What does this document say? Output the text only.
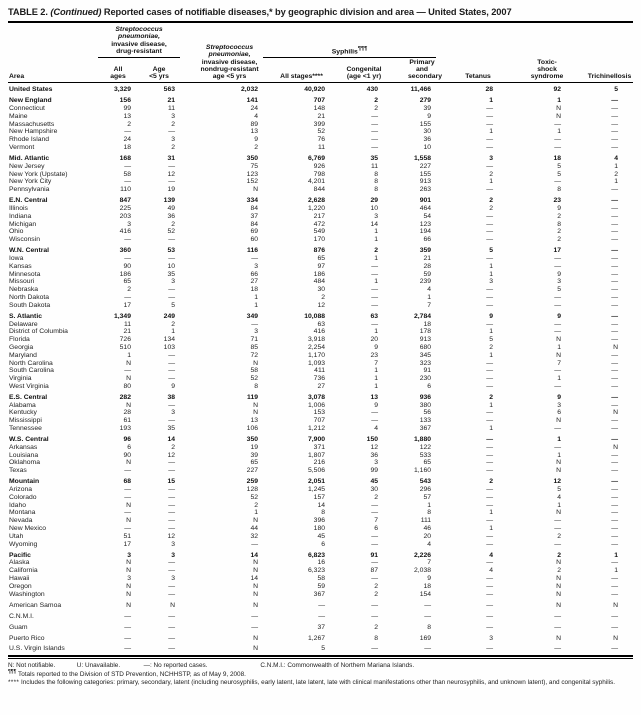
TABLE 2. (Continued) Reported cases of notifiable diseases,* by geographic division and area — United States, 2007
Area	
Streptococcus
pneumoniae,
invasive disease,
drug-resistant

Streptococcus
pneumoniae,
invasive disease,
nondrug-resistant
age <5 yrs
	Syphilis¶¶¶	Tetanus	
Toxic-shock
syndrome	Trichinellosis

All
ages

Age
<5 yrs	All stages****	
Congenital
(age <1 yr)

Primary and
secondary

United States	3,329	563	2,032	40,920	430	11,466	28	92	5
New England	156	21	141	707	2	279	1	1	—
Connecticut	99	11	24	148	2	39	—	N	—
Maine	13	3	4	21	—	9	—	N	—
Massachusetts	2	2	89	399	—	155	—	—	—
New Hampshire	—	—	13	52	—	30	1	1	—
Rhode Island	24	3	9	76	—	36	—	—	—
Vermont	18	2	2	11	—	10	—	—	—
Mid. Atlantic	168	31	350	6,769	35	1,558	3	18	4
New Jersey	—	—	75	926	11	227	—	5	1
New York (Upstate)	58	12	123	798	8	155	2	5	2
New York City	—	—	152	4,201	8	913	1	—	1
Pennsylvania	110	19	N	844	8	263	—	8	—
E.N. Central	847	139	334	2,628	29	901	2	23	—
Illinois	225	49	84	1,220	10	464	2	9	—
Indiana	203	36	37	217	3	54	—	2	—
Michigan	3	2	84	472	14	123	—	8	—
Ohio	416	52	69	549	1	194	—	2	—
Wisconsin	—	—	60	170	1	66	—	2	—
W.N. Central	360	53	116	876	2	359	5	17	—
Iowa	—	—	—	65	1	21	—	—	—
Kansas	90	10	3	97	—	28	1	—	—
Minnesota	186	35	66	186	—	59	1	9	—
Missouri	65	3	27	484	1	239	3	3	—
Nebraska	2	—	18	30	—	4	—	5	—
North Dakota	—	—	1	2	—	1	—	—	—
South Dakota	17	5	1	12	—	7	—	—	—
S. Atlantic	1,349	249	349	10,088	63	2,784	9	9	—
Delaware	11	2	—	63	—	18	—	—	—
District of Columbia	21	1	3	416	1	178	1	—	—
Florida	726	134	71	3,918	20	913	5	N	—
Georgia	510	103	85	2,254	9	680	2	1	N
Maryland	1	—	72	1,170	23	345	1	N	—
North Carolina	N	—	N	1,093	7	323	—	7	—
South Carolina	—	—	58	411	1	91	—	—	—
Virginia	N	—	52	736	1	230	—	1	—
West Virginia	80	9	8	27	1	6	—	—	—
E.S. Central	282	38	119	3,078	13	936	2	9	—
Alabama	N	—	N	1,006	9	380	1	3	—
Kentucky	28	3	N	153	—	56	—	6	N
Mississippi	61	—	13	707	—	133	—	N	—
Tennessee	193	35	106	1,212	4	367	1	—	—
W.S. Central	96	14	350	7,900	150	1,880	—	1	—
Arkansas	6	2	19	371	12	122	—	—	N
Louisiana	90	12	39	1,807	36	533	—	1	—
Oklahoma	N	—	65	216	3	65	—	N	—
Texas	—	—	227	5,506	99	1,160	—	N	—
Mountain	68	15	259	2,051	45	543	2	12	—
Arizona	—	—	128	1,245	30	296	—	5	—
Colorado	—	—	52	157	2	57	—	4	—
Idaho	N	—	2	14	—	1	—	1	—
Montana	—	—	1	8	—	8	1	N	—
Nevada	N	—	N	396	7	111	—	—	—
New Mexico	—	—	44	180	6	46	1	—	—
Utah	51	12	32	45	—	20	—	2	—
Wyoming	17	3	—	6	—	4	—	—	—
Pacific	3	3	14	6,823	91	2,226	4	2	1
Alaska	N	—	N	16	—	7	—	N	—
California	N	—	N	6,323	87	2,038	4	2	1
Hawaii	3	3	14	58	—	9	—	N	—
Oregon	N	—	N	59	2	18	—	N	—
Washington	N	—	N	367	2	154	—	N	—
American Samoa	N	N	N	—	—	—	—	N	N
C.N.M.I.	—	—	—	—	—	—	—	—	—
Guam	—	—	—	37	2	8	—	—	—
Puerto Rico	—	—	N	1,267	8	169	3	N	N
U.S. Virgin Islands	—	—	N	5	—	—	—	—	—
N: Not notifiable.	U: Unavailable.	—: No reported cases.	C.N.M.I.: Commonwealth of Northern Mariana Islands.
¶¶¶ Totals reported to the Division of STD Prevention, NCHHSTP, as of May 9, 2008.
**** Includes the following categories: primary, secondary, latent (including neurosyphilis, early latent, late latent, late with clinical manifestations other than neurosyphilis, and unknown latent), and congenital syphilis.
